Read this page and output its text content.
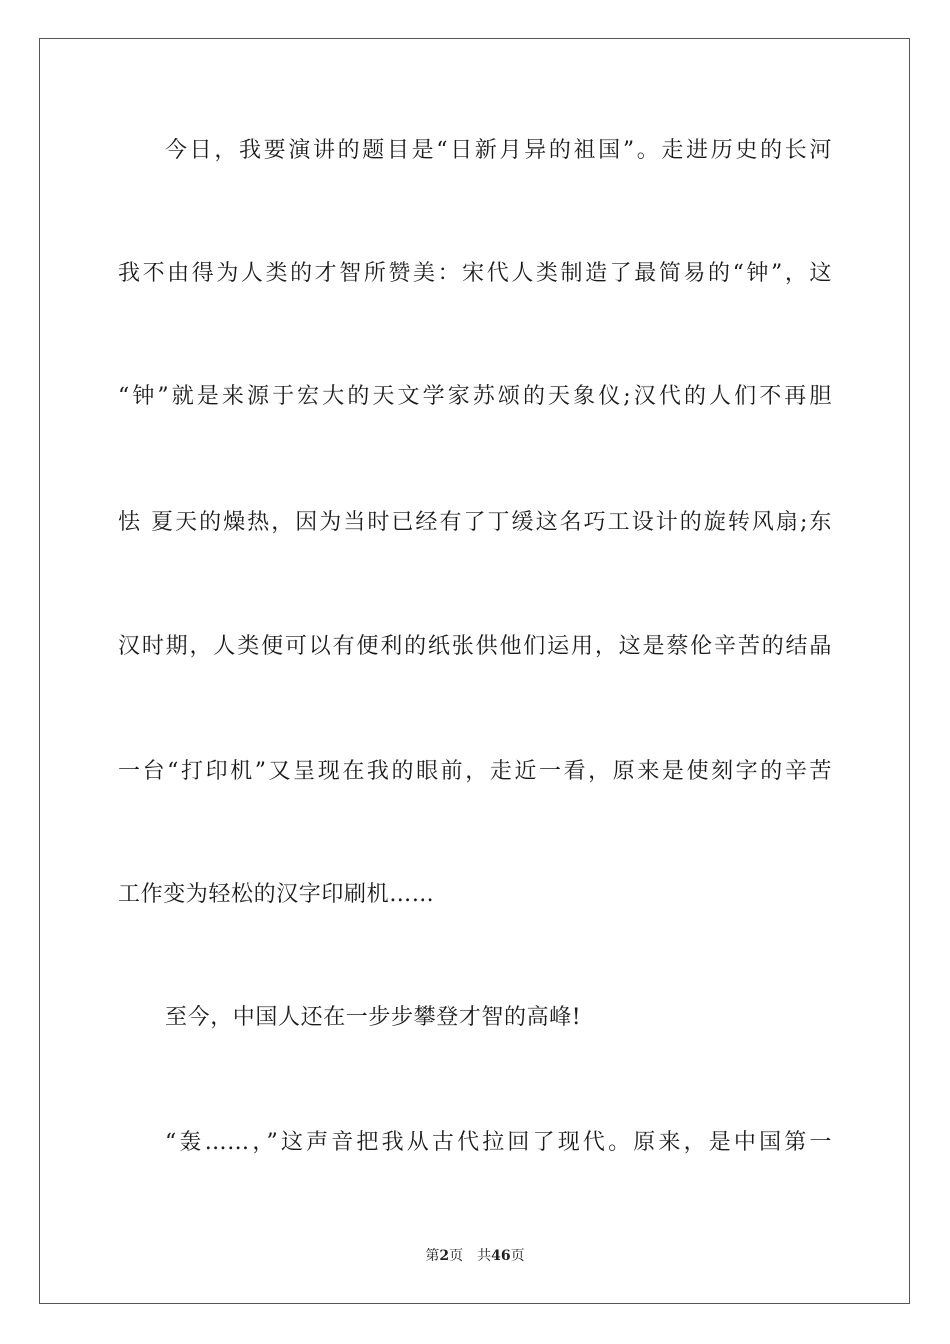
今日，我要演讲的题目是“日新月异的祖国”。走进历史的长河
我不由得为人类的才智所赞美：宋代人类制造了最简易的“钟”，这
“钟”就是来源于宏大的天文学家苏颂的天象仪;汉代的人们不再胆
怯 夏天的燥热，因为当时已经有了丁缓这名巧工设计的旋转风扇;东
汉时期，人类便可以有便利的纸张供他们运用，这是蔡伦辛苦的结晶
一台“打印机”又呈现在我的眼前，走近一看，原来是使刻字的辛苦
工作变为轻松的汉字印刷机……
至今，中国人还在一步步攀登才智的高峰!
“轰……，”这声音把我从古代拉回了现代。原来，是中国第一
第2页 共46页
